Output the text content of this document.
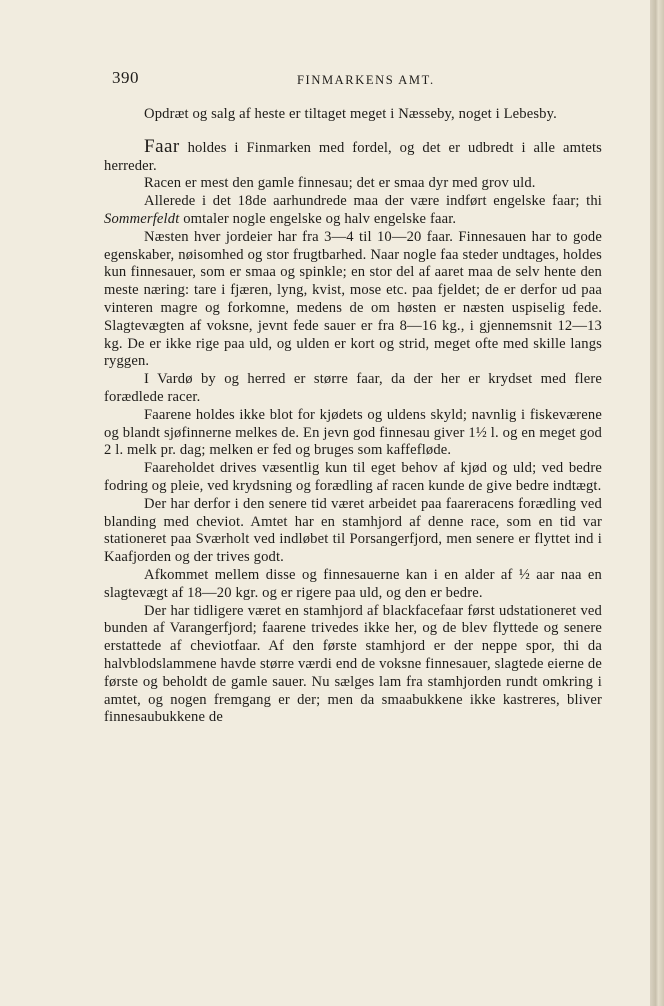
390	FINMARKENS AMT.

Opdræt og salg af heste er tiltaget meget i Næsseby, noget i Lebesby.

Faar holdes i Finmarken med fordel, og det er udbredt i alle amtets herreder.

Racen er mest den gamle finnesau; det er smaa dyr med grov uld.

Allerede i det 18de aarhundrede maa der være indført engelske faar; thi Sommerfeldt omtaler nogle engelske og halv engelske faar.

Næsten hver jordeier har fra 3—4 til 10—20 faar. Finnesauen har to gode egenskaber, nøisomhed og stor frugtbarhed. Naar nogle faa steder undtages, holdes kun finnesauer, som er smaa og spinkle; en stor del af aaret maa de selv hente den meste næring: tare i fjæren, lyng, kvist, mose etc. paa fjeldet; de er derfor ud paa vinteren magre og forkomne, medens de om høsten er næsten uspiselig fede. Slagtevægten af voksne, jevnt fede sauer er fra 8—16 kg., i gjennemsnit 12—13 kg. De er ikke rige paa uld, og ulden er kort og strid, meget ofte med skille langs ryggen.

I Vardø by og herred er større faar, da der her er krydset med flere forædlede racer.

Faarene holdes ikke blot for kjødets og uldens skyld; navnlig i fiskeværene og blandt sjøfinnerne melkes de. En jevn god finnesau giver 1½ l. og en meget god 2 l. melk pr. dag; melken er fed og bruges som kaffefløde.

Faareholdet drives væsentlig kun til eget behov af kjød og uld; ved bedre fodring og pleie, ved krydsning og forædling af racen kunde de give bedre indtægt.

Der har derfor i den senere tid været arbeidet paa faareracens forædling ved blanding med cheviot. Amtet har en stamhjord af denne race, som en tid var stationeret paa Sværholt ved indløbet til Porsangerfjord, men senere er flyttet ind i Kaafjorden og der trives godt.

Afkommet mellem disse og finnesauerne kan i en alder af ½ aar naa en slagtevægt af 18—20 kgr. og er rigere paa uld, og den er bedre.

Der har tidligere været en stamhjord af blackfacefaar først udstationeret ved bunden af Varangerfjord; faarene trivedes ikke her, og de blev flyttede og senere erstattede af cheviotfaar. Af den første stamhjord er der neppe spor, thi da halvblodslammene havde større værdi end de voksne finnesauer, slagtede eierne de første og beholdt de gamle sauer. Nu sælges lam fra stamhjorden rundt omkring i amtet, og nogen fremgang er der; men da smaabukkene ikke kastreres, bliver finnesaubukkene de
